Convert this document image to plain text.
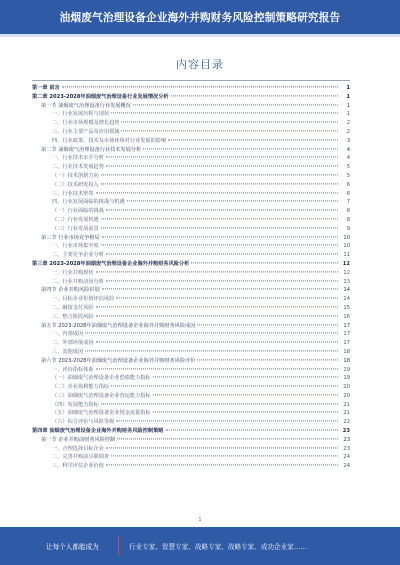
油烟废气治理设备企业海外并购财务风险控制策略研究报告
内容目录
第一章 前言	1
第二章 2023-2028年油烟废气治理设备行业发展情况分析	1
第一节 油烟废气治理设备行业发展概况	1
一、行业发展历程与现状	1
二、行业市场规模及增长趋势	2
三、行业主要产品及应用领域	2
四、行业政策、技术及市场环境对行业发展的影响	3
第二节 油烟废气治理设备行业技术发展分析	4
一、行业技术水平分析	4
二、行业技术发展趋势	5
（一）技术创新方向	5
（二）技术研发投入	6
三、行业技术壁垒	6
四、行业发展面临的挑战与机遇	7
（一）行业面临的挑战	8
（二）行业发展机遇	8
（三）行业发展前景	9
第三节 行业市场竞争格局	10
一、行业市场集中度	10
二、主要竞争企业分析	11
第三章 2023-2028年油烟废气治理设备企业海外并购财务风险分析	12
一、行业并购现状	12
二、行业并购动因分析	13
第四节 企业并购风险识别	14
一、目标企业价值评估风险	14
二、融资支付风险	15
三、整合阶段风险	16
第五节 2023-2028年油烟废气治理设备企业海外并购财务风险成因	17
一、内部成因	17
二、外部环境成因	17
三、其他成因	18
第六节 2023-2028年油烟废气治理设备企业海外并购财务风险评价	18
一、评价指标体系	19
（一）油烟废气治理设备企业偿债能力指标	19
（二）企业盈利能力指标	20
（三）油烟废气治理设备企业营运能力指标	20
（四）发展能力指标	21
（五）油烟废气治理设备企业现金流量指标	21
（六）综合评价与风险等级	22
第四章 油烟废气治理设备企业海外并购财务风险控制策略	23
第一节 企业并购前财务风险控制	23
一、合理选择目标企业	23
二、完善并购前尽职调查	24
三、科学评估企业价值	24
1
让每个人都能成为	行业专家、智慧专家、战略专家、战略专家、成功企业家……
